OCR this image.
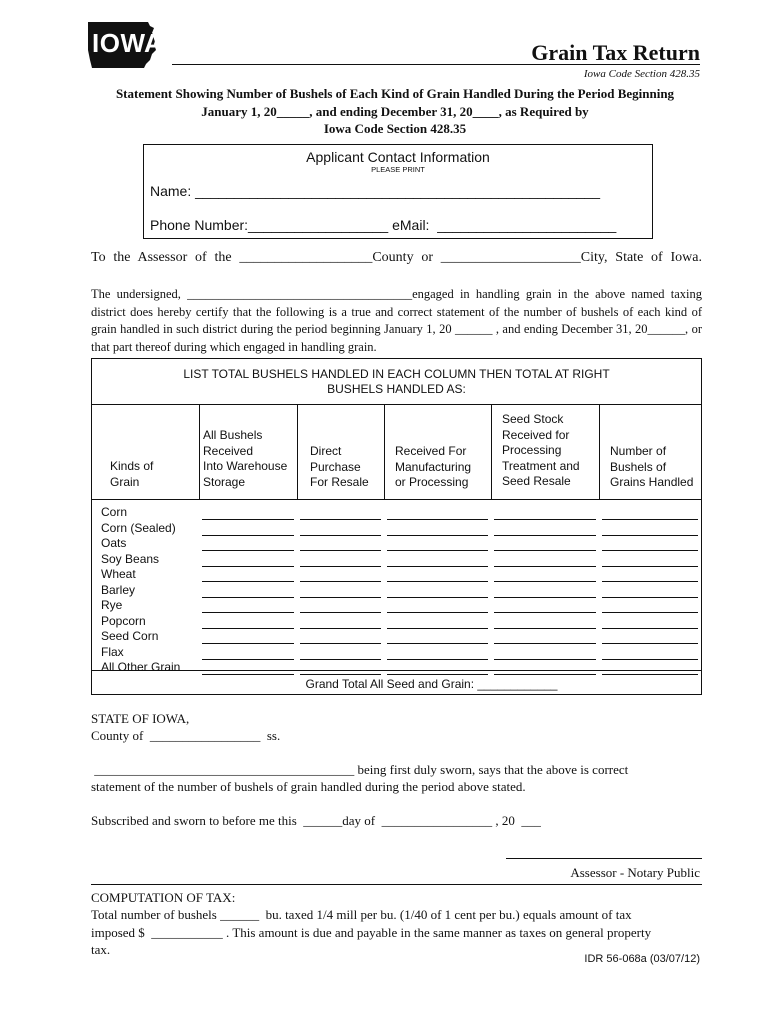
IOWA	Grain Tax Return
Iowa Code Section 428.35
Statement Showing Number of Bushels of Each Kind of Grain Handled During the Period Beginning
January 1, 20_____, and ending December 31, 20____, as Required by
Iowa Code Section 428.35
Applicant Contact Information
PLEASE PRINT
Name: ____________________________________________________
Phone Number:__________________ eMail:  _______________________
To the Assessor of the ___________________County or ____________________City, State of Iowa.
The undersigned, ____________________________________engaged in handling grain in the above named taxing district does hereby certify that the following is a true and correct statement of the number of bushels of each kind of grain handled in such district during the period beginning January 1, 20 ______ , and ending December 31, 20______, or that part thereof during which engaged in handling grain.
LIST TOTAL BUSHELS HANDLED IN EACH COLUMN THEN TOTAL AT RIGHT
BUSHELS HANDLED AS:
Kinds of
Grain
All Bushels
Received
Into Warehouse
Storage
Direct
Purchase
For Resale
Received For
Manufacturing
or Processing
Seed Stock
Received for
Processing
Treatment and
Seed Resale
Number of
Bushels of
Grains Handled
Corn
Corn (Sealed)
Oats
Soy Beans
Wheat
Barley
Rye
Popcorn
Seed Corn
Flax
All Other Grain
Grand Total All Seed and Grain: ____________
STATE OF IOWA,
County of  _________________  ss.
________________________________________ being first duly sworn, says that the above is correct
statement of the number of bushels of grain handled during the period above stated.
Subscribed and sworn to before me this  ______day of  _________________ , 20  ___
Assessor - Notary Public
COMPUTATION OF TAX:
Total number of bushels ______  bu. taxed 1/4 mill per bu. (1/40 of 1 cent per bu.) equals amount of tax
imposed $  ___________ . This amount is due and payable in the same manner as taxes on general property
tax.
IDR 56-068a (03/07/12)
